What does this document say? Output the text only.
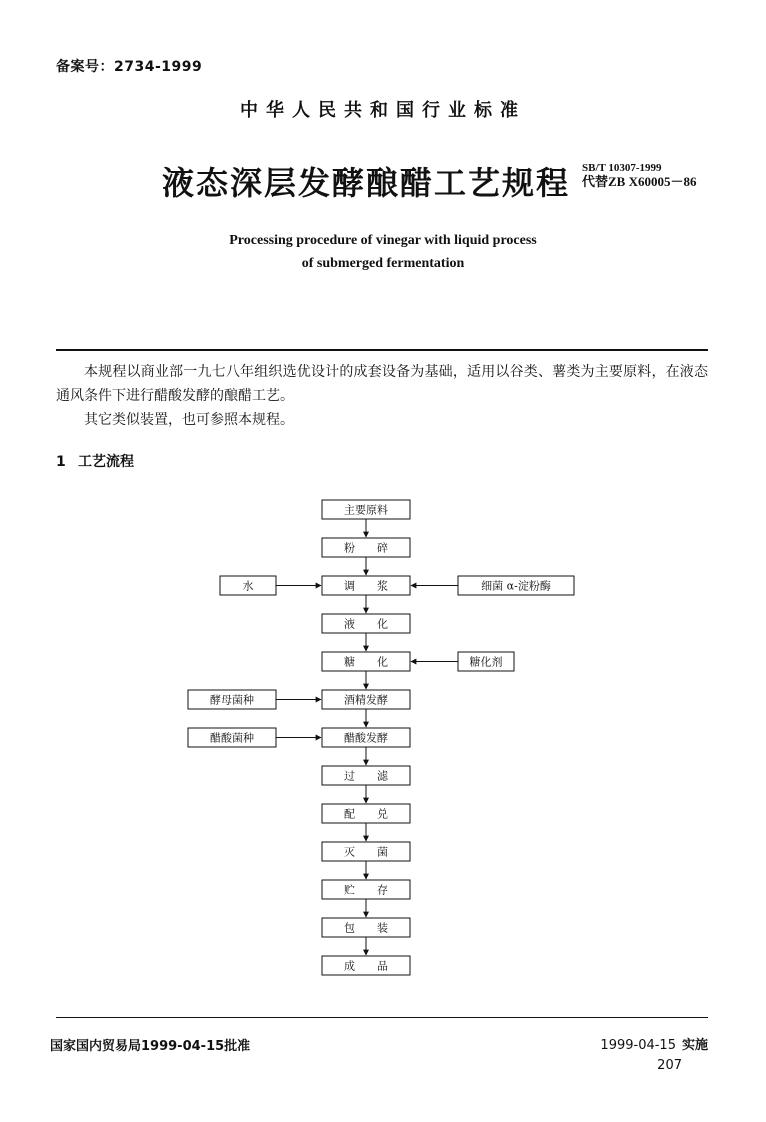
备案号：2734-1999
中华人民共和国行业标准
液态深层发酵酿醋工艺规程 SB/T 10307-1999
代替ZB X60005－86
Processing procedure of vinegar with liquid process
of submerged fermentation
本规程以商业部一九七八年组织选优设计的成套设备为基础，适用以谷类、薯类为主要原料，在液态通风条件下进行醋酸发酵的酿醋工艺。
其它类似装置，也可参照本规程。
1 工艺流程
主要原料
粉　　碎
调　　浆
液　　化
糖　　化
酒精发酵
醋酸发酵
过　　滤
配　　兑
灭　　菌
贮　　存
包　　装
成　　品
水	细菌 α-淀粉酶
糖化剂
酵母菌种
醋酸菌种
国家国内贸易局1999-04-15批准	1999-04-15 实施
207
